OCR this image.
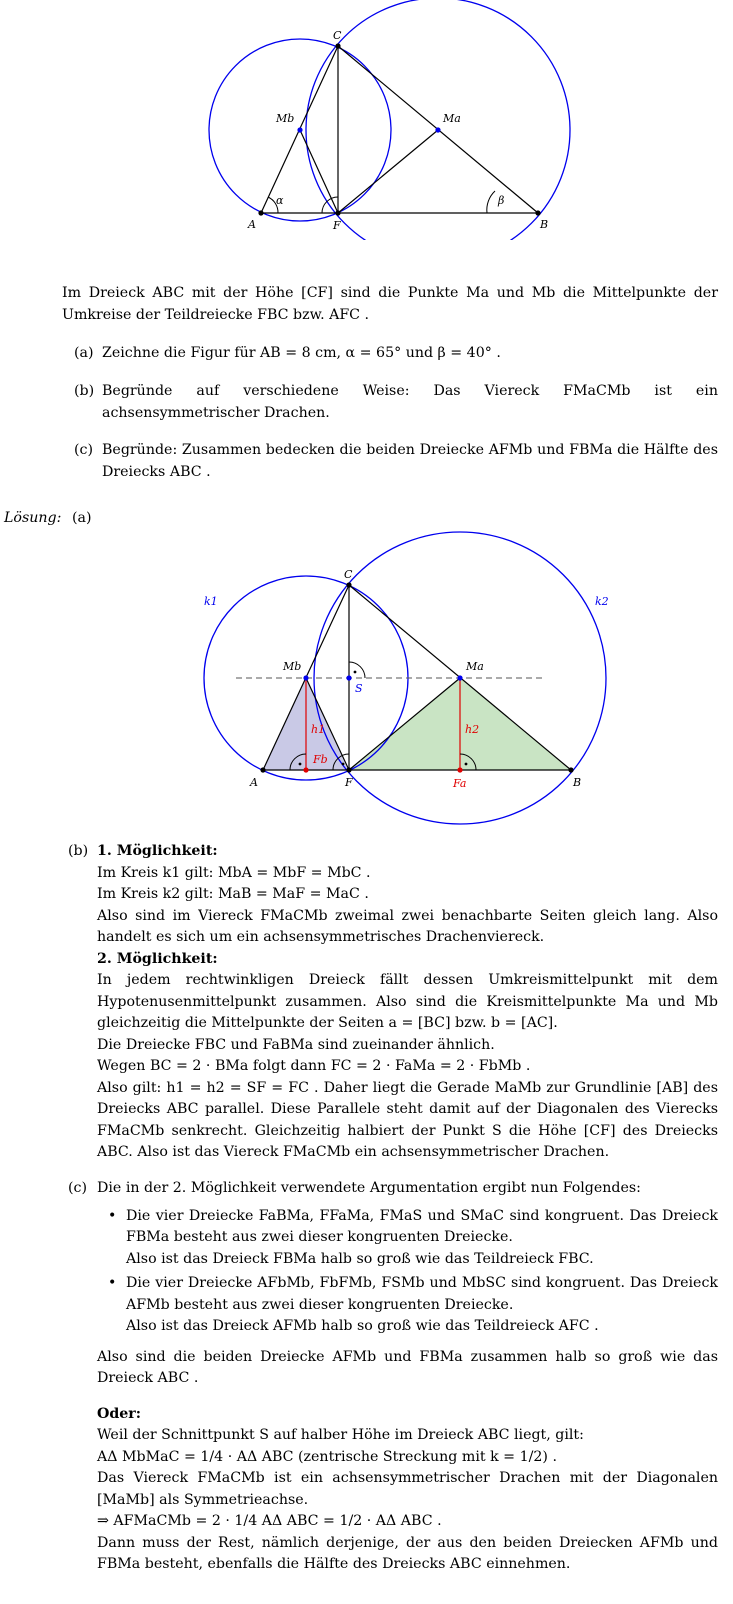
C
A	B
F
Mb	Ma
α	β
Im Dreieck ABC mit der Höhe [CF] sind die Punkte Ma und Mb die Mittelpunkte der Umkreise der Teildreiecke FBC bzw. AFC .
(a) Zeichne die Figur für AB = 8 cm, α = 65° und β = 40° .
(b) Begründe auf verschiedene Weise: Das Viereck FMaCMb ist ein achsensymmetrischer Drachen.
(c) Begründe: Zusammen bedecken die beiden Dreiecke AFMb und FBMa die Hälfte des Dreiecks ABC .
Lösung: (a)
k1	k2
C
Mb	Ma
S
h1	h2
Fb
Fa
A	F	B
(b) 1. Möglichkeit:

Im Kreis k1 gilt: MbA = MbF = MbC .

Im Kreis k2 gilt: MaB = MaF = MaC .

Also sind im Viereck FMaCMb zweimal zwei benachbarte Seiten gleich lang. Also handelt es sich um ein achsensymmetrisches Drachenviereck.

2. Möglichkeit:

In jedem rechtwinkligen Dreieck fällt dessen Umkreismittelpunkt mit dem Hypotenusenmittelpunkt zusammen. Also sind die Kreismittelpunkte Ma und Mb gleichzeitig die Mittelpunkte der Seiten a = [BC] bzw. b = [AC].

Die Dreiecke FBC und FaBMa sind zueinander ähnlich.

Wegen BC = 2 · BMa folgt dann FC = 2 · FaMa = 2 · FbMb .

Also gilt: h1 = h2 = SF = FC . Daher liegt die Gerade MaMb zur Grundlinie [AB] des Dreiecks ABC parallel. Diese Parallele steht damit auf der Diagonalen des Vierecks FMaCMb senkrecht. Gleichzeitig halbiert der Punkt S die Höhe [CF] des Dreiecks ABC. Also ist das Viereck FMaCMb ein achsensymmetrischer Drachen.

(c) Die in der 2. Möglichkeit verwendete Argumentation ergibt nun Folgendes:

• Die vier Dreiecke FaBMa, FFaMa, FMaS und SMaC sind kongruent. Das Dreieck FBMa besteht aus zwei dieser kongruenten Dreiecke.
Also ist das Dreieck FBMa halb so groß wie das Teildreieck FBC.
• Die vier Dreiecke AFbMb, FbFMb, FSMb und MbSC sind kongruent. Das Dreieck AFMb besteht aus zwei dieser kongruenten Dreiecke.
Also ist das Dreieck AFMb halb so groß wie das Teildreieck AFC .

Also sind die beiden Dreiecke AFMb und FBMa zusammen halb so groß wie das Dreieck ABC .

Oder:

Weil der Schnittpunkt S auf halber Höhe im Dreieck ABC liegt, gilt:

AΔ MbMaC = 1/4 · AΔ ABC (zentrische Streckung mit k = 1/2) .

Das Viereck FMaCMb ist ein achsensymmetrischer Drachen mit der Diagonalen [MaMb] als Symmetrieachse.

⇒ AFMaCMb = 2 · 1/4 AΔ ABC = 1/2 · AΔ ABC .

Dann muss der Rest, nämlich derjenige, der aus den beiden Dreiecken AFMb und FBMa besteht, ebenfalls die Hälfte des Dreiecks ABC einnehmen.
